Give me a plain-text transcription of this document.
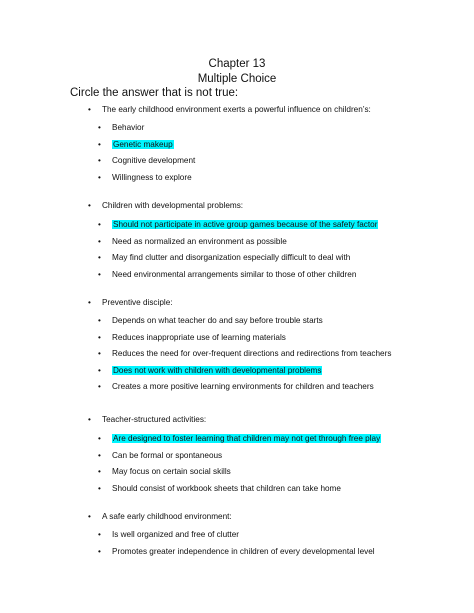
Chapter 13
Multiple Choice
Circle the answer that is not true:
• The early childhood environment exerts a powerful influence on children’s:
• Behavior
• Genetic makeup
• Cognitive development
• Willingness to explore
• Children with developmental problems:
• Should not participate in active group games because of the safety factor
• Need as normalized an environment as possible
• May find clutter and disorganization especially difficult to deal with
• Need environmental arrangements similar to those of other children
• Preventive disciple:
• Depends on what teacher do and say before trouble starts
• Reduces inappropriate use of learning materials
• Reduces the need for over-frequent directions and redirections from teachers
• Does not work with children with developmental problems
• Creates a more positive learning environments for children and teachers
• Teacher-structured activities:
• Are designed to foster learning that children may not get through free play
• Can be formal or spontaneous
• May focus on certain social skills
• Should consist of workbook sheets that children can take home
• A safe early childhood environment:
• Is well organized and free of clutter
• Promotes greater independence in children of every developmental level
